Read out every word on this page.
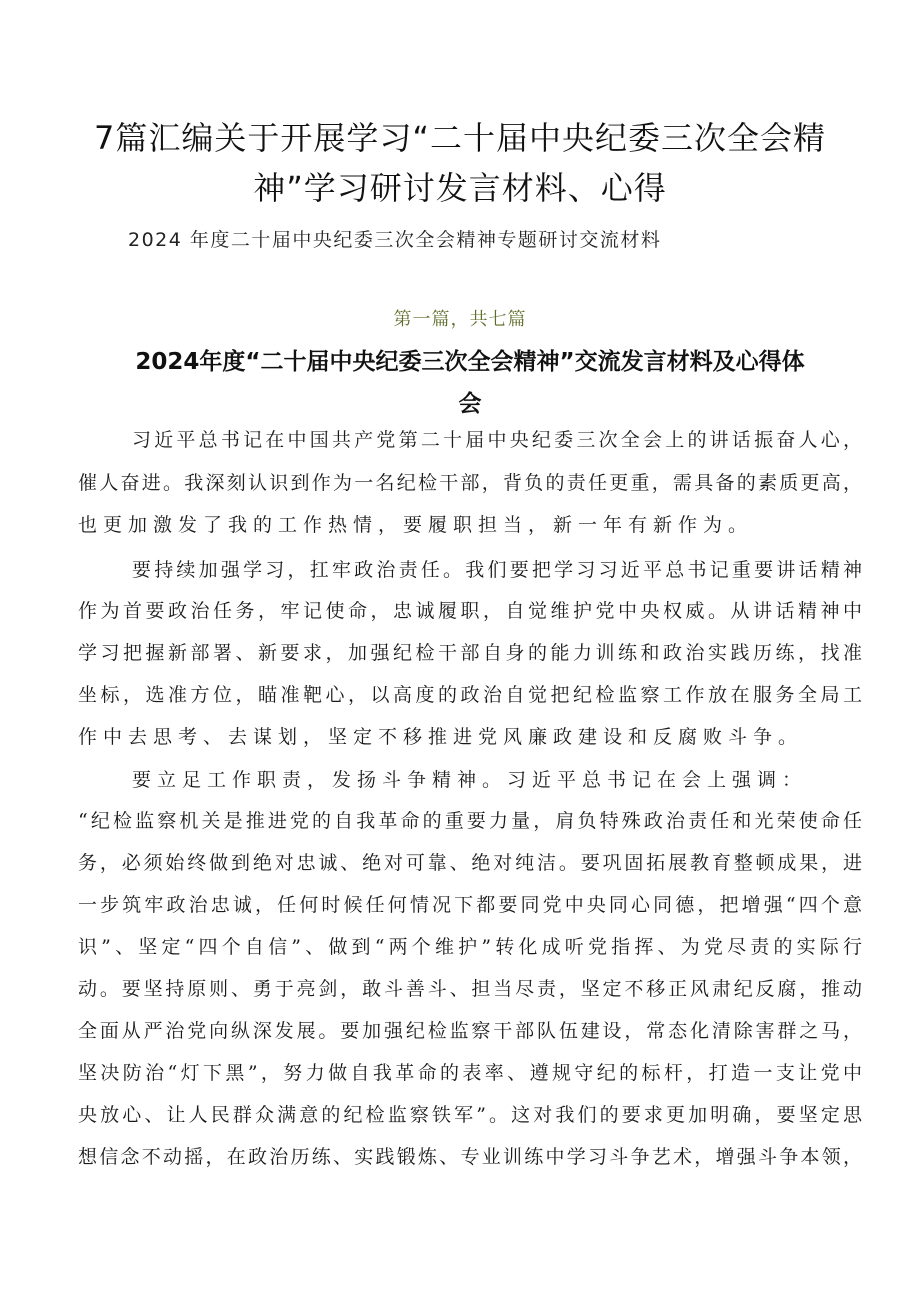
7篇汇编关于开展学习“二十届中央纪委三次全会精
神”学习研讨发言材料、心得
2024 年度二十届中央纪委三次全会精神专题研讨交流材料
第一篇，共七篇
2024年度“二十届中央纪委三次全会精神”交流发言材料及心得体
会
习近平总书记在中国共产党第二十届中央纪委三次全会上的讲话振奋人心，
催人奋进。我深刻认识到作为一名纪检干部，背负的责任更重，需具备的素质更高，
也更加激发了我的工作热情，要履职担当，新一年有新作为。
要持续加强学习，扛牢政治责任。我们要把学习习近平总书记重要讲话精神
作为首要政治任务，牢记使命，忠诚履职，自觉维护党中央权威。从讲话精神中
学习把握新部署、新要求，加强纪检干部自身的能力训练和政治实践历练，找准
坐标，选准方位，瞄准靶心，以高度的政治自觉把纪检监察工作放在服务全局工
作中去思考、去谋划，坚定不移推进党风廉政建设和反腐败斗争。
要立足工作职责，发扬斗争精神。习近平总书记在会上强调：
“纪检监察机关是推进党的自我革命的重要力量，肩负特殊政治责任和光荣使命任
务，必须始终做到绝对忠诚、绝对可靠、绝对纯洁。要巩固拓展教育整顿成果，进
一步筑牢政治忠诚，任何时候任何情况下都要同党中央同心同德，把增强“四个意
识”、坚定“四个自信”、做到“两个维护”转化成听党指挥、为党尽责的实际行
动。要坚持原则、勇于亮剑，敢斗善斗、担当尽责，坚定不移正风肃纪反腐，推动
全面从严治党向纵深发展。要加强纪检监察干部队伍建设，常态化清除害群之马，
坚决防治“灯下黑”，努力做自我革命的表率、遵规守纪的标杆，打造一支让党中
央放心、让人民群众满意的纪检监察铁军”。这对我们的要求更加明确，要坚定思
想信念不动摇，在政治历练、实践锻炼、专业训练中学习斗争艺术，增强斗争本领，
